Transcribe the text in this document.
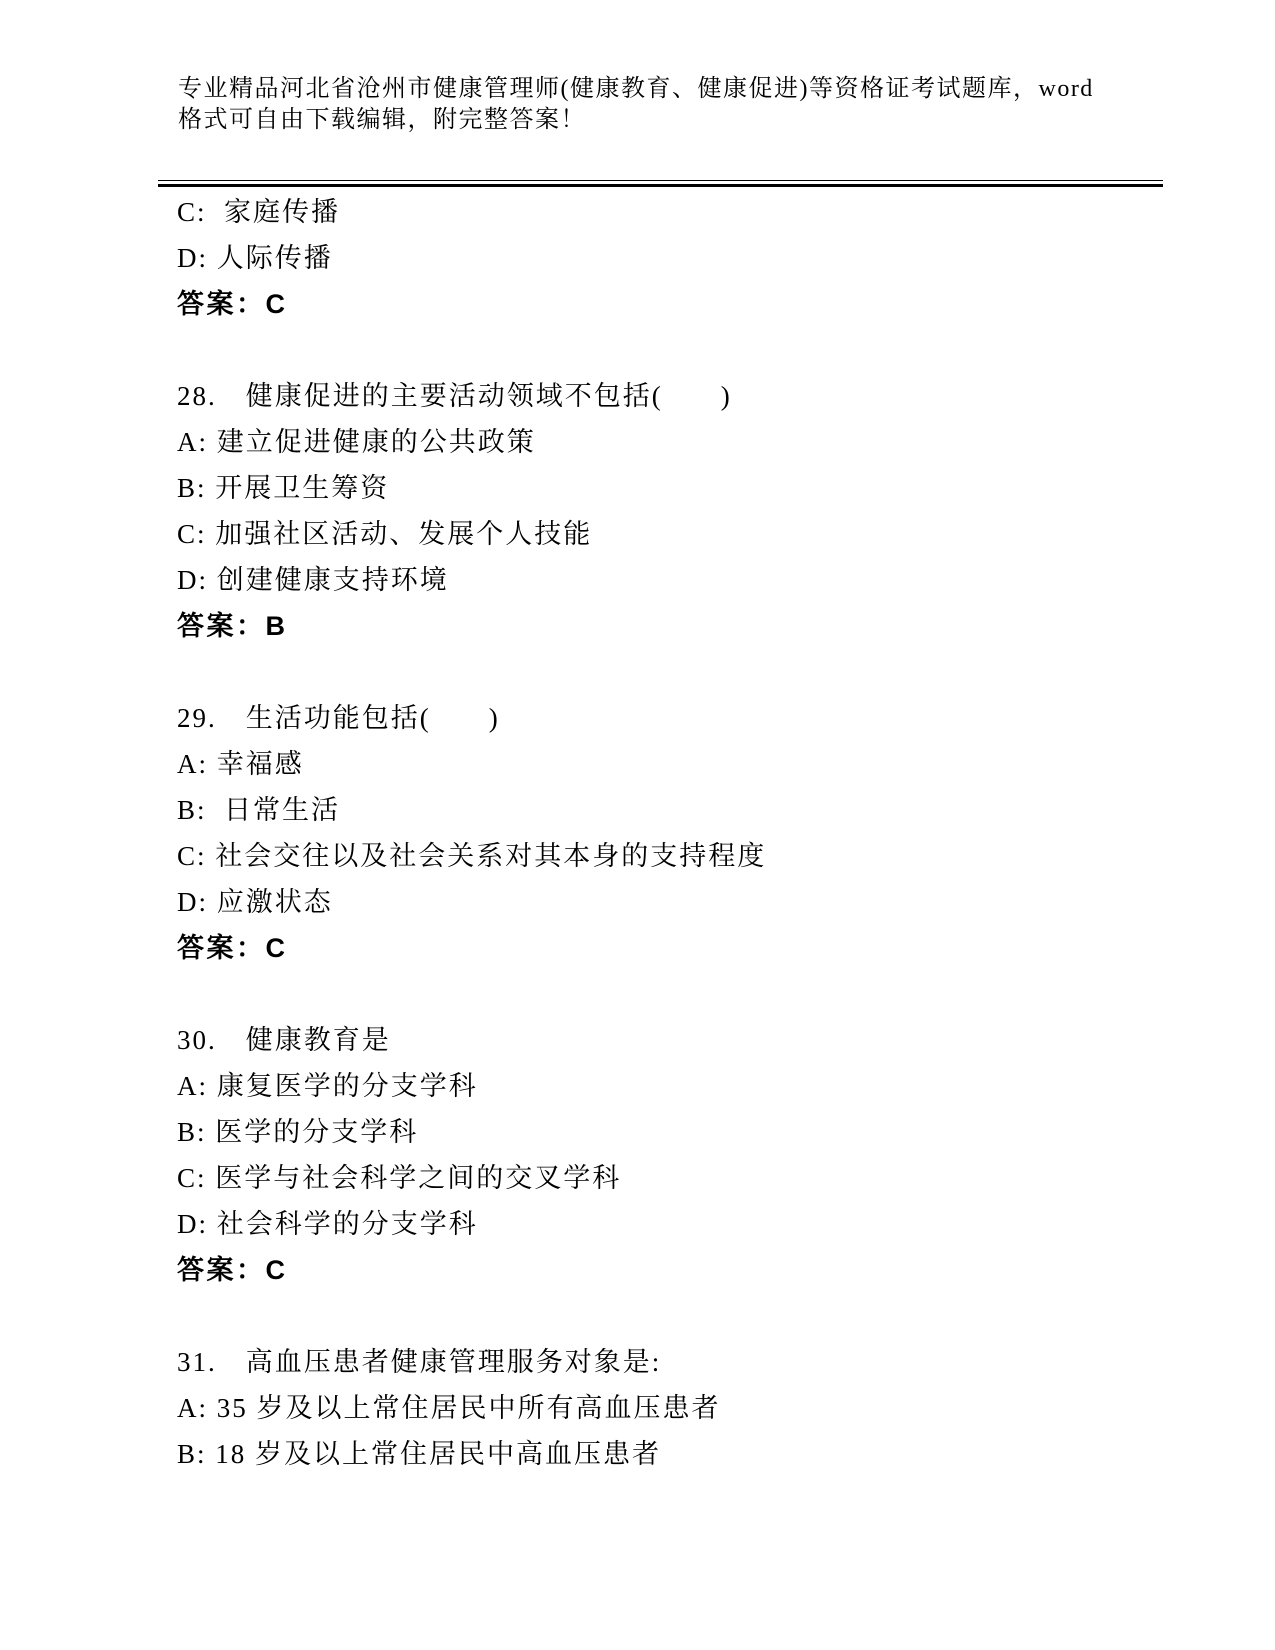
专业精品河北省沧州市健康管理师(健康教育、健康促进)等资格证考试题库，word
格式可自由下载编辑，附完整答案！

C:  家庭传播

D: 人际传播

答案：C

28.　健康促进的主要活动领域不包括(　　)

A: 建立促进健康的公共政策

B: 开展卫生筹资

C: 加强社区活动、发展个人技能

D: 创建健康支持环境

答案：B

29.　生活功能包括(　　)

A: 幸福感

B:  日常生活

C: 社会交往以及社会关系对其本身的支持程度

D: 应激状态

答案：C

30.　健康教育是

A: 康复医学的分支学科

B: 医学的分支学科

C: 医学与社会科学之间的交叉学科

D: 社会科学的分支学科

答案：C

31.　高血压患者健康管理服务对象是:

A: 35 岁及以上常住居民中所有高血压患者

B: 18 岁及以上常住居民中高血压患者
